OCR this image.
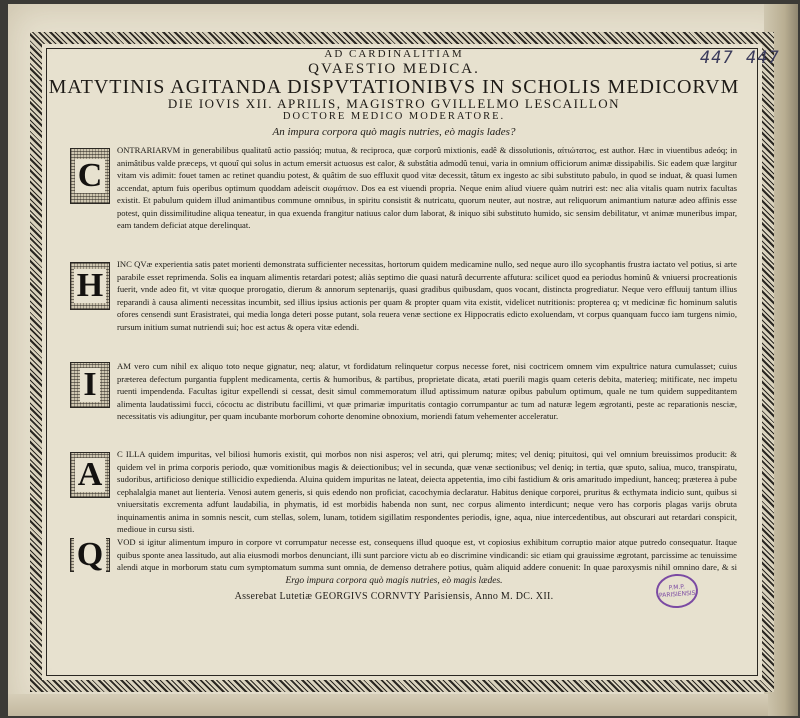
447 447
AD CARDINALITIAM
QVAESTIO MEDICA.
MATVTINIS AGITANDA DISPVTATIONIBVS IN SCHOLIS MEDICORVM
DIE IOVIS XII. APRILIS, MAGISTRO GVILLELMO LESCAILLON
DOCTORE MEDICO MODERATORE.
An impura corpora quò magis nutries, eò magis lades?
C

ONTRARIARVM in generabilibus qualitatû actio passióq; mutua, & reciproca, quæ corporû mixtionis, eadê & dissolutionis, αἰτιώτατος, est author. Hæc in viuentibus adeóq; in animâtibus valde præceps, vt quouî qui solus in actum emersit actuosus est calor, & substâtia admodû tenui, varia in omnium officiorum animæ dissipabilis. Sic eadem quæ largitur vitam vis adimit: fouet tamen ac retinet quandiu potest, & quâtim de suo effluxit quod vitæ decessit, tâtum ex ingesto ac sibi substituto pabulo, in quod se induat, & quasi lumen accendat, aptum fuis operibus optimum quoddam adeiscit σωμάτιον. Dos ea est viuendi propria. Neque enim aliud viuere quàm nutriri est: nec alia vitalis quam nutrix facultas existit. Et pabulum quidem illud animantibus commune omnibus, in spiritu consistit & nutricatu, quorum neuter, aut nostræ, aut reliquorum animantium naturæ adeo affinis esse potest, quin dissimilitudine aliqua teneatur, in qua exuenda frangitur natiuus calor dum laborat, & iniquo sibi substituto humido, sic sensim debilitatur, vt animæ muneribus impar, eam tandem deficiat atque derelinquat.

H

INC QVæ experientia satis patet morienti demonstrata sufficienter necessitas, hortorum quidem medicamine nullo, sed neque auro illo sycophantis frustra iactato vel potius, si arte parabile esset reprimenda. Solis ea inquam alimentis retardari potest; aliàs septimo die quasi naturâ decurrente affutura: scilicet quod ea periodus hominû & vniuersi procreationis fuerit, vnde adeo fit, vt vitæ quoque prorogatio, dierum & annorum septenarijs, quasi gradibus quibusdam, quos vocant, distincta progrediatur. Neque vero effluuij tantum illius reparandi à causa alimenti necessitas incumbit, sed illius ipsius actionis per quam & propter quam vita existit, videlicet nutritionis: propterea q; vt medicinæ fic hominum salutis ofores censendi sunt Erasistratei, qui media longa deteri posse putant, sola reuera venæ sectione ex Hippocratis edicto exoluendam, vt corpus quanquam fucco iam turgens nimio, rursum initium sumat nutriendi sui; hoc est actus & opera vitæ edendi.

I	AM vero cum nihil ex aliquo toto neque gignatur, neq; alatur, vt fordidatum relinquetur corpus necesse foret, nisi coctricem omnem vim expultrice natura cumulasset; cuius præterea defectum purgantia fupplent medicamenta, certis & humoribus, & partibus, proprietate dicata, ætati puerili magis quam ceteris debita, materieq; mitificate, nec impetu ruenti impendenda. Facultas igitur expellendi si cessat, desit simul commemoratum illud aptissimum naturæ opibus pabulum optimum, quale ne tum quidem suppeditantem alimenta laudatissimi fucci, cócoctu ac distributu facillimi, vt quæ primariæ impuritatis contagio corrumpantur ac tum ad naturæ legem ægrotanti, peste ac reparationis nesciæ, necessitatis vis adiungitur, per quam incubante morborum cohorte denomine obnoxium, moriendi fatum vehementer acceleratur.

A

C ILLA quidem impuritas, vel biliosi humoris existit, qui morbos non nisi asperos; vel atri, qui plerumq; mites; vel deniq; pituitosi, qui vel omnium breuissimos producit: & quidem vel in prima corporis periodo, quæ vomitionibus magis & deiectionibus; vel in secunda, quæ venæ sectionibus; vel deniq; in tertia, quæ sputo, saliua, muco, transpiratu, sudoribus, artificioso denique stillicidio expedienda. Aluina quidem impuritas ne lateat, deiecta appetentia, imo cibi fastidium & oris amaritudo impediunt, hanceq; præterea à pube cephalalgia manet aut lienteria. Venosi autem generis, si quis edendo non proficiat, cacochymia declaratur. Habitus denique corporei, pruritus & ecthymata indicio sunt, quibus si vniuersitatis excrementa adfunt laudabilia, in phymatis, id est morbidis habenda non sunt, nec corpus alimento interdicunt; neque vero has corporis plagas varijs obruta inquinamentis anima in somnis nescit, cum stellas, solem, lunam, totidem sigillatim respondentes periodis, igne, aqua, niue intercedentibus, aut obscurari aut retardari conspicit, medioue in cursu sisti.

Q	VOD si igitur alimentum impuro in corpore vt corrumpatur necesse est, consequens illud quoque est, vt copiosius exhibitum corruptio maior atque putredo consequatur. Itaque quibus sponte anea lassitudo, aut alia eiusmodi morbos denunciant, illi sunt parciore victu ab eo discrimine vindicandi: sic etiam qui grauissime ægrotant, parcissime ac tenuissime alendi atque in morborum statu cum symptomatum summa sunt omnia, de demenso detrahere potius, quàm aliquid addere conuenit: In quae paroxysmis nihil omnino dare, & si

Ergo impura corpora quò magis nutries, eò magis lædes.
Asserebat Lutetiæ GEORGIVS CORNVTY Parisiensis, Anno M. DC. XII.
P.M.P.
PARISIENSIS
